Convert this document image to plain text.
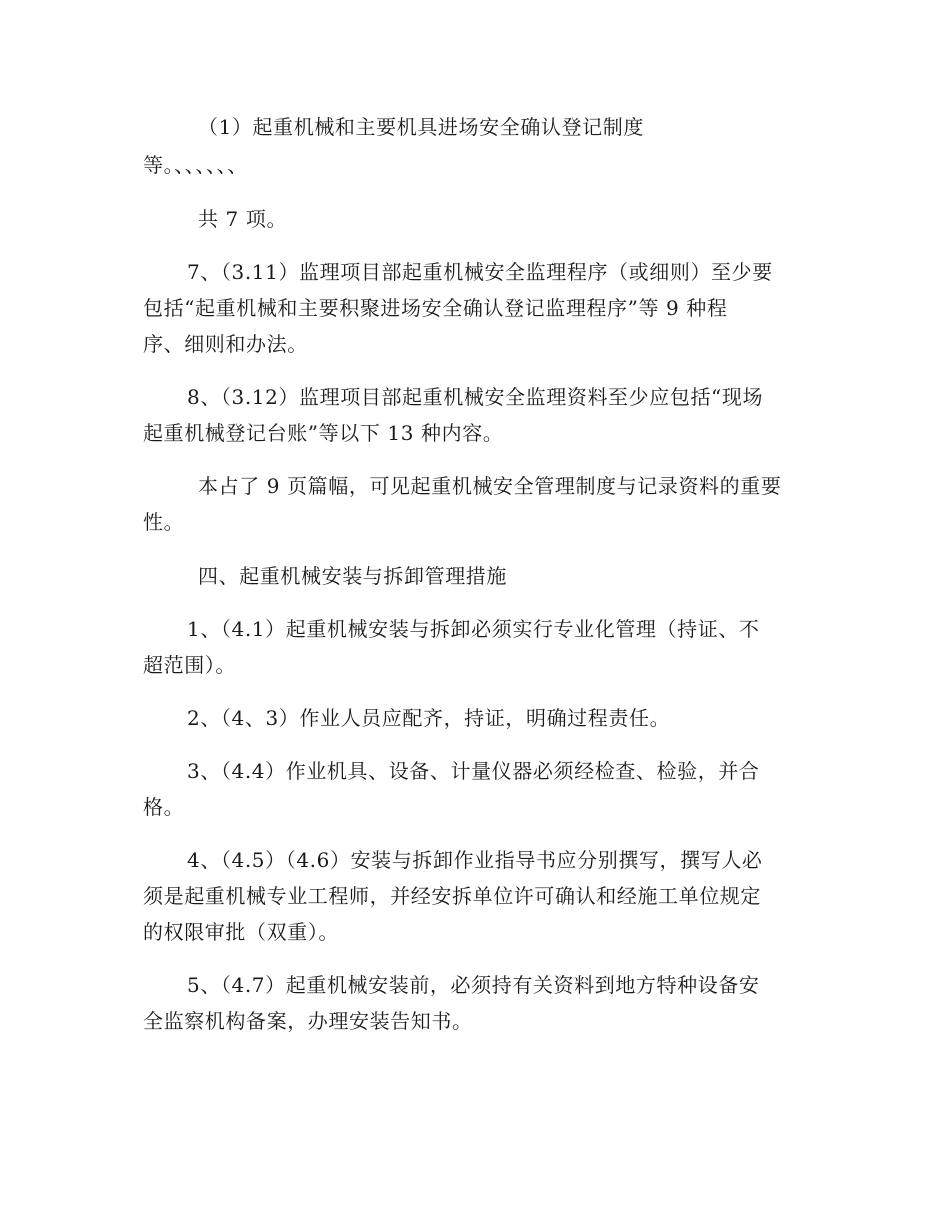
（1）起重机械和主要机具进场安全确认登记制度
等。、、、、、、
共 7 项。
7、（3.11）监理项目部起重机械安全监理程序（或细则）至少要
包括“起重机械和主要积聚进场安全确认登记监理程序”等 9 种程
序、细则和办法。
8、（3.12）监理项目部起重机械安全监理资料至少应包括“现场
起重机械登记台账”等以下 13 种内容。
本占了 9 页篇幅，可见起重机械安全管理制度与记录资料的重要
性。
四、起重机械安装与拆卸管理措施
1、（4.1）起重机械安装与拆卸必须实行专业化管理（持证、不
超范围）。
2、（4、3）作业人员应配齐，持证，明确过程责任。
3、（4.4）作业机具、设备、计量仪器必须经检查、检验，并合
格。
4、（4.5）（4.6）安装与拆卸作业指导书应分别撰写，撰写人必
须是起重机械专业工程师，并经安拆单位许可确认和经施工单位规定
的权限审批（双重）。
5、（4.7）起重机械安装前，必须持有关资料到地方特种设备安
全监察机构备案，办理安装告知书。
